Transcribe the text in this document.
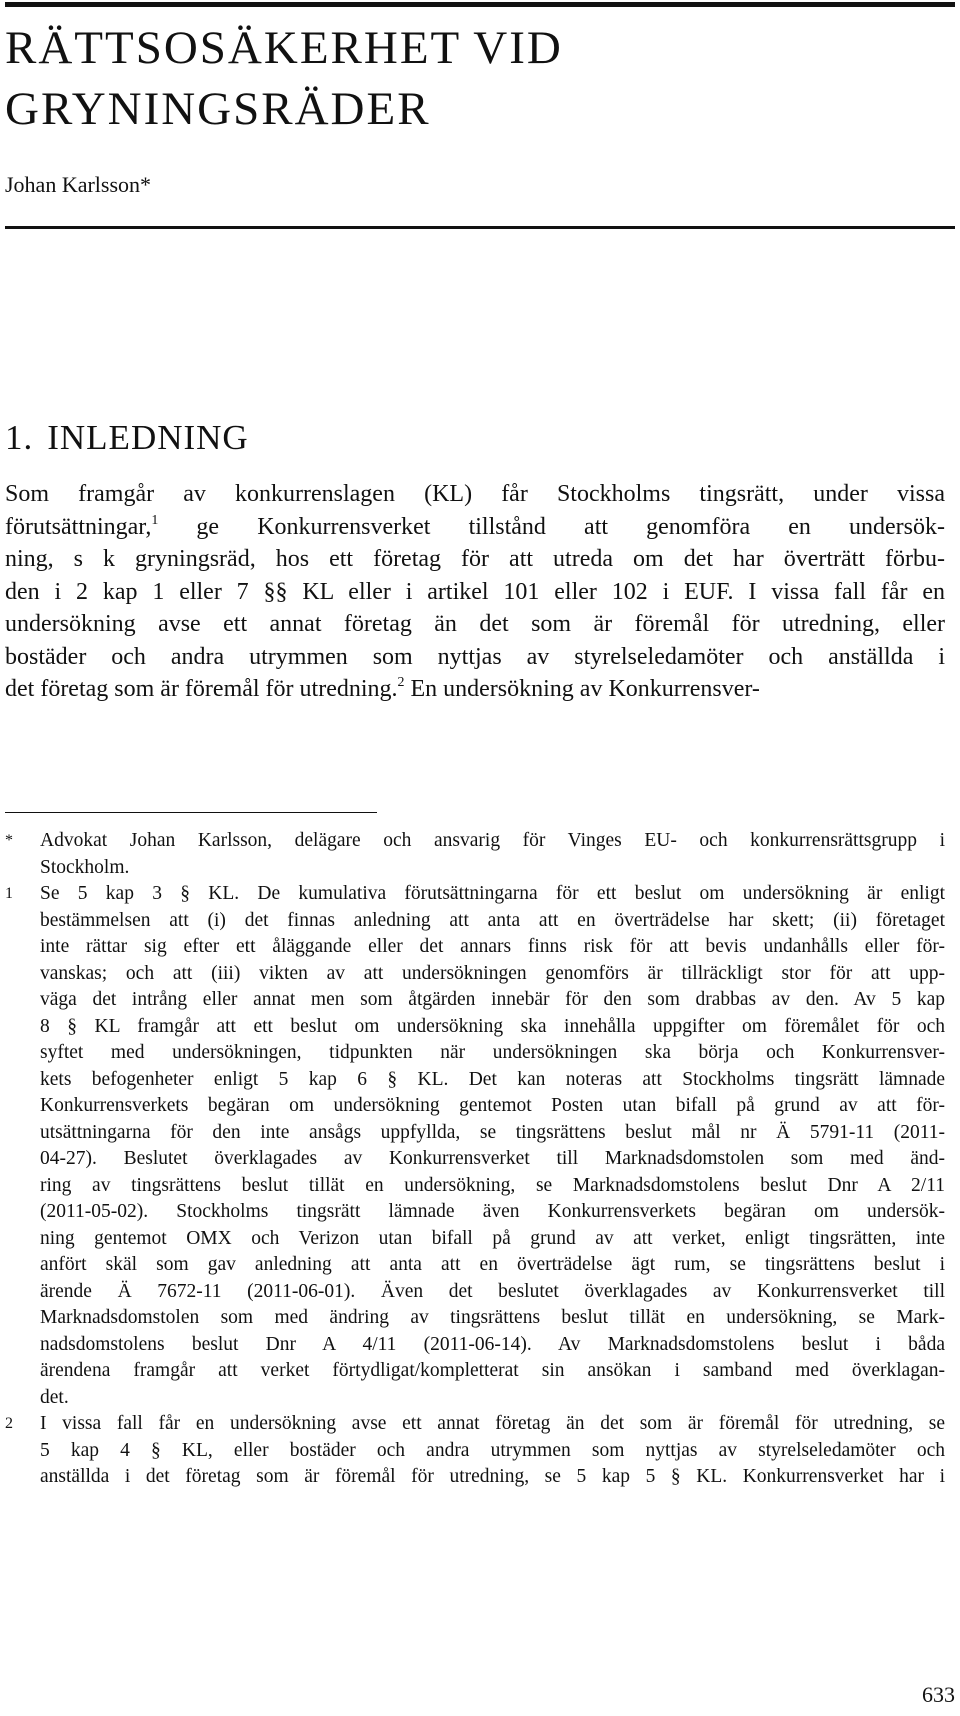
RÄTTSOSÄKERHET VID
GRYNINGSRÄDER

Johan Karlsson*

1. INLEDNING

Som framgår av konkurrenslagen (KL) får Stockholms tingsrätt, under vissa
förutsättningar,$^1$ ge Konkurrensverket tillstånd att genomföra en undersök-
ning, s k gryningsräd, hos ett företag för att utreda om det har överträtt förbu-
den i 2 kap 1 eller 7 §§ KL eller i artikel 101 eller 102 i EUF. I vissa fall får en
undersökning avse ett annat företag än det som är föremål för utredning, eller
bostäder och andra utrymmen som nyttjas av styrelseledamöter och anställda i
det företag som är föremål för utredning.$^2$ En undersökning av Konkurrensver-

* Advokat Johan Karlsson, delägare och ansvarig för Vinges EU- och konkurrensrättsgrupp i
Stockholm.
1 Se 5 kap 3 § KL. De kumulativa förutsättningarna för ett beslut om undersökning är enligt
bestämmelsen att (i) det finnas anledning att anta att en överträdelse har skett; (ii) företaget
inte rättar sig efter ett åläggande eller det annars finns risk för att bevis undanhålls eller för-
vanskas; och att (iii) vikten av att undersökningen genomförs är tillräckligt stor för att upp-
väga det intrång eller annat men som åtgärden innebär för den som drabbas av den. Av 5 kap
8 § KL framgår att ett beslut om undersökning ska innehålla uppgifter om föremålet för och
syftet med undersökningen, tidpunkten när undersökningen ska börja och Konkurrensver-
kets befogenheter enligt 5 kap 6 § KL. Det kan noteras att Stockholms tingsrätt lämnade
Konkurrensverkets begäran om undersökning gentemot Posten utan bifall på grund av att för-
utsättningarna för den inte ansågs uppfyllda, se tingsrättens beslut mål nr Ä 5791-11 (2011-
04-27). Beslutet överklagades av Konkurrensverket till Marknadsdomstolen som med änd-
ring av tingsrättens beslut tillät en undersökning, se Marknadsdomstolens beslut Dnr A 2/11
(2011-05-02). Stockholms tingsrätt lämnade även Konkurrensverkets begäran om undersök-
ning gentemot OMX och Verizon utan bifall på grund av att verket, enligt tingsrätten, inte
anfört skäl som gav anledning att anta att en överträdelse ägt rum, se tingsrättens beslut i
ärende Ä 7672-11 (2011-06-01). Även det beslutet överklagades av Konkurrensverket till
Marknadsdomstolen som med ändring av tingsrättens beslut tillät en undersökning, se Mark-
nadsdomstolens beslut Dnr A 4/11 (2011-06-14). Av Marknadsdomstolens beslut i båda
ärendena framgår att verket förtydligat/kompletterat sin ansökan i samband med överklagan-
det.
2 I vissa fall får en undersökning avse ett annat företag än det som är föremål för utredning, se
5 kap 4 § KL, eller bostäder och andra utrymmen som nyttjas av styrelseledamöter och
anställda i det företag som är föremål för utredning, se 5 kap 5 § KL. Konkurrensverket har i
633
